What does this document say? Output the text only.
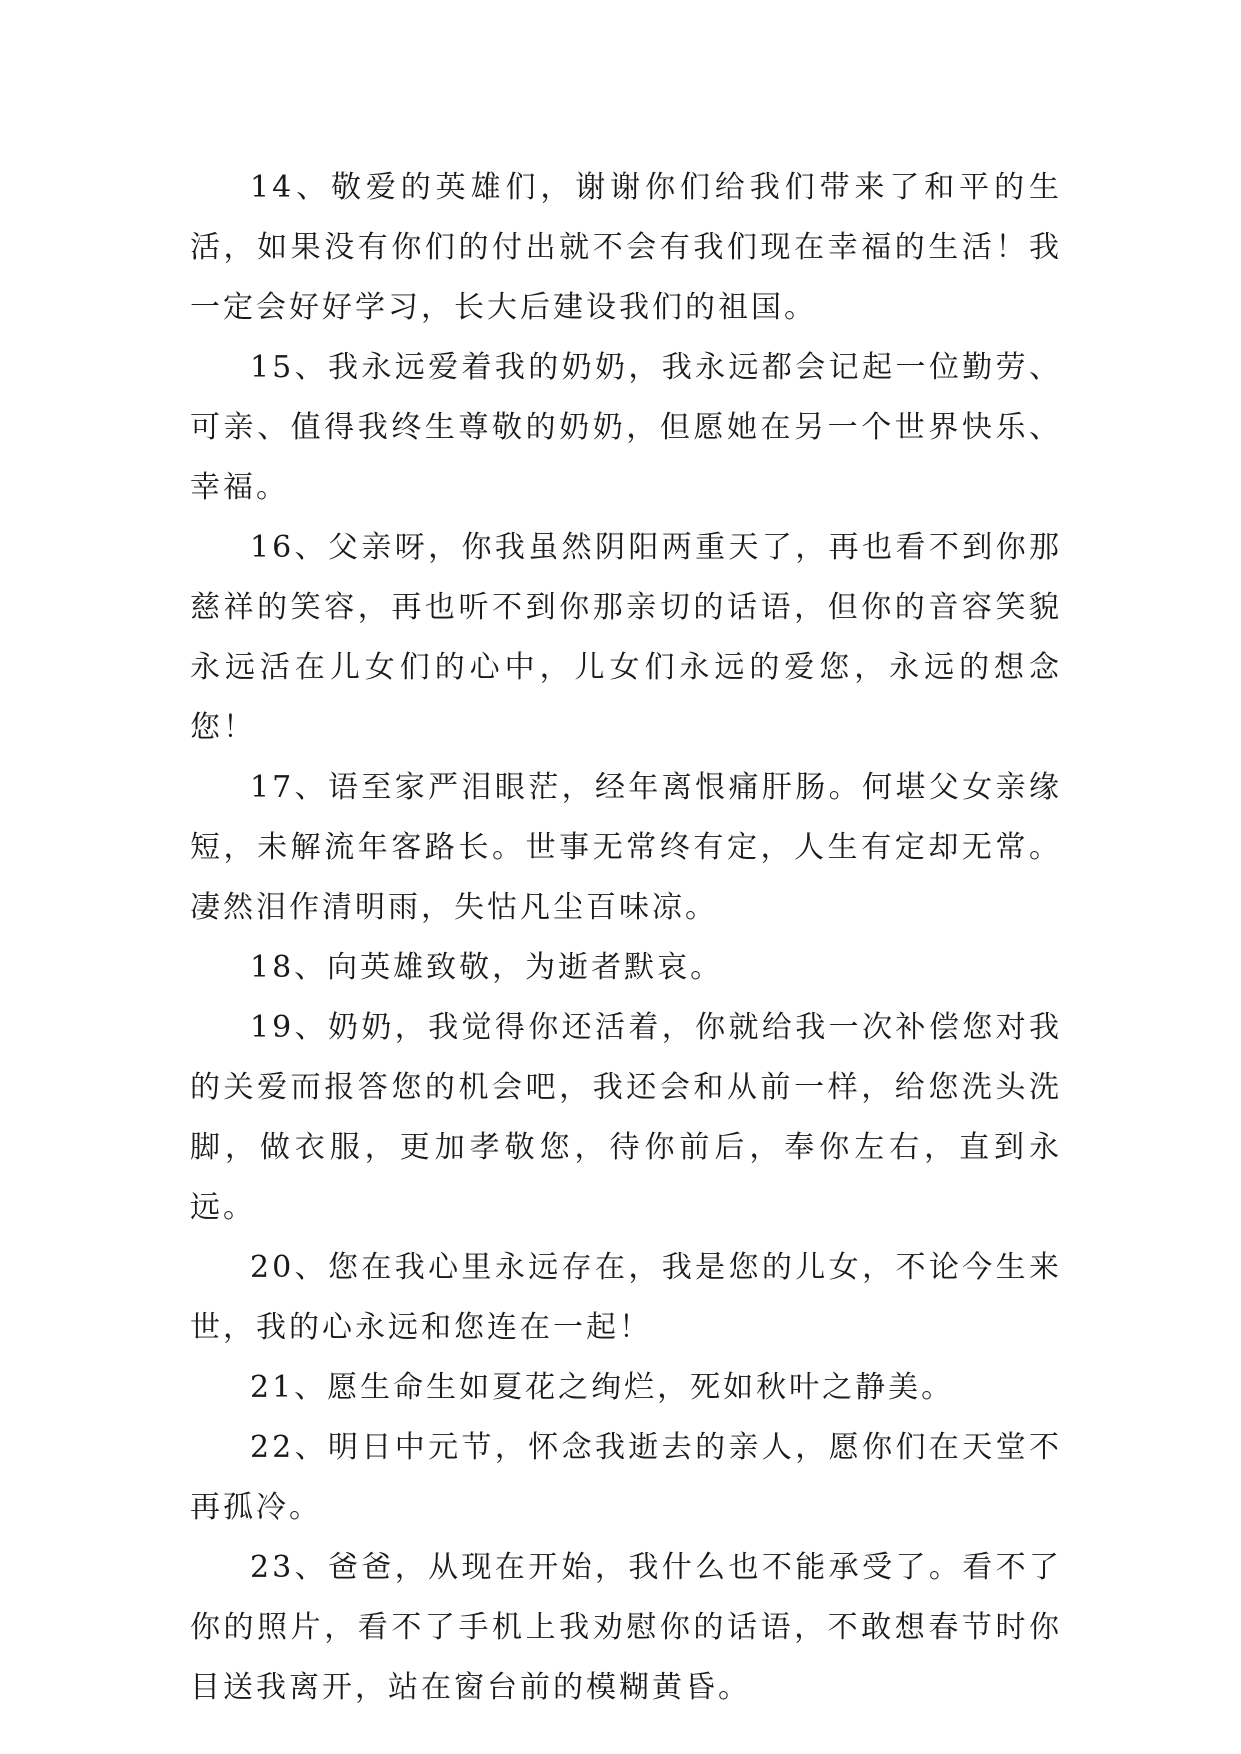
14、敬爱的英雄们，谢谢你们给我们带来了和平的生活，如果没有你们的付出就不会有我们现在幸福的生活！我一定会好好学习，长大后建设我们的祖国。

15、我永远爱着我的奶奶，我永远都会记起一位勤劳、可亲、值得我终生尊敬的奶奶，但愿她在另一个世界快乐、幸福。

16、父亲呀，你我虽然阴阳两重天了，再也看不到你那慈祥的笑容，再也听不到你那亲切的话语，但你的音容笑貌永远活在儿女们的心中，儿女们永远的爱您，永远的想念您！

17、语至家严泪眼茫，经年离恨痛肝肠。何堪父女亲缘短，未解流年客路长。世事无常终有定，人生有定却无常。凄然泪作清明雨，失怙凡尘百味凉。

18、向英雄致敬，为逝者默哀。

19、奶奶，我觉得你还活着，你就给我一次补偿您对我的关爱而报答您的机会吧，我还会和从前一样，给您洗头洗脚，做衣服，更加孝敬您，待你前后，奉你左右，直到永远。

20、您在我心里永远存在，我是您的儿女，不论今生来世，我的心永远和您连在一起！

21、愿生命生如夏花之绚烂，死如秋叶之静美。

22、明日中元节，怀念我逝去的亲人，愿你们在天堂不再孤冷。

23、爸爸，从现在开始，我什么也不能承受了。看不了你的照片，看不了手机上我劝慰你的话语，不敢想春节时你目送我离开，站在窗台前的模糊黄昏。
